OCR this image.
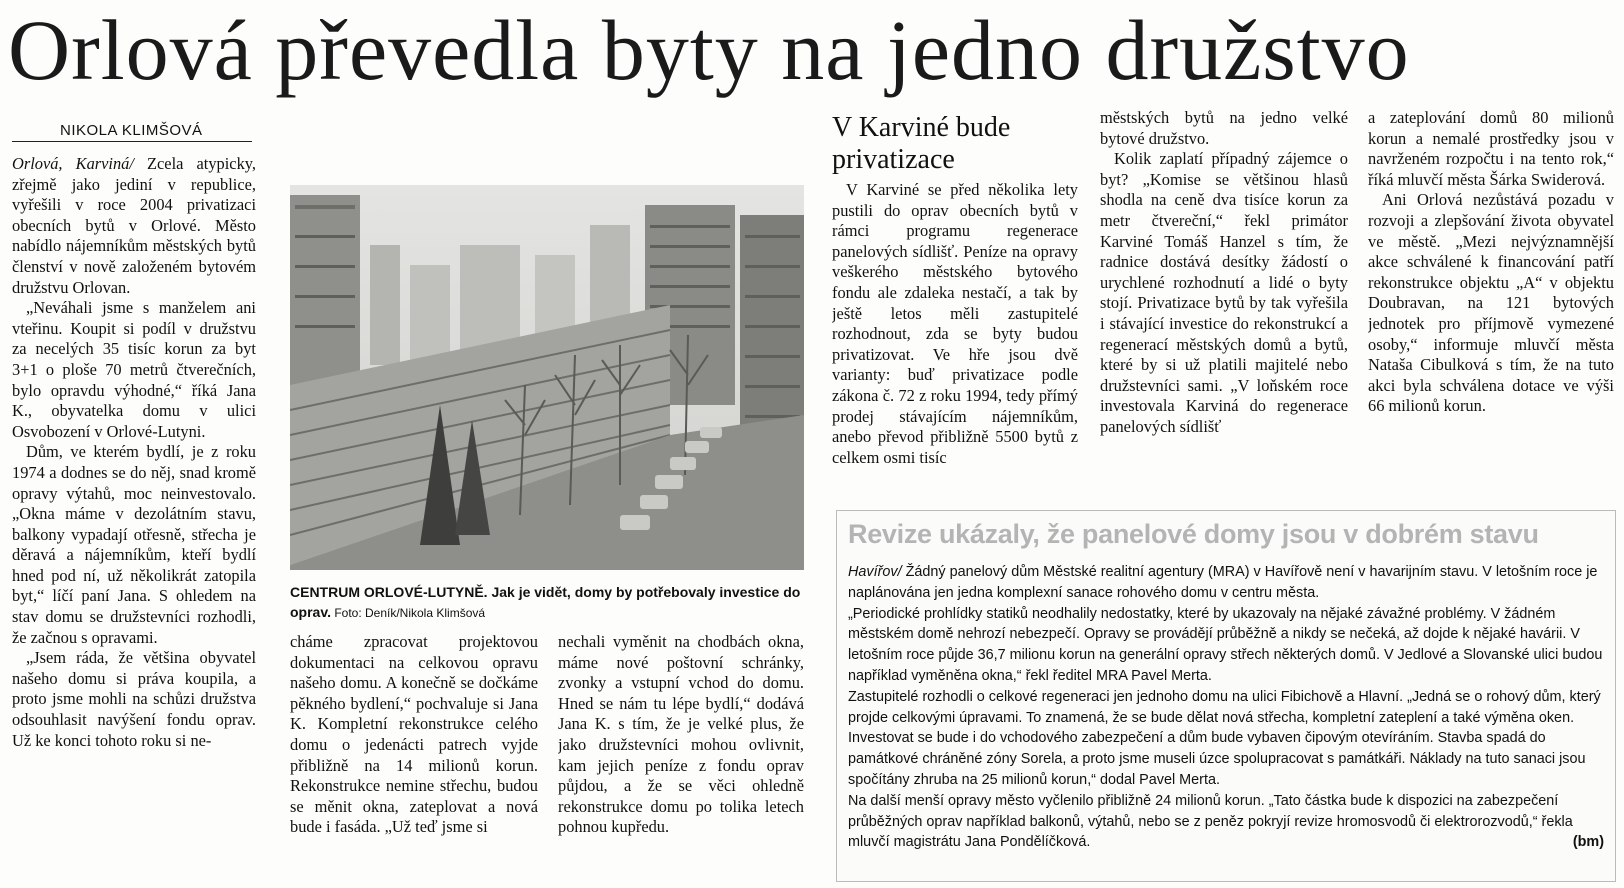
Orlová převedla byty na jedno družstvo
NIKOLA KLIMŠOVÁ

Orlová, Karviná/ Zcela atypicky, zřejmě jako jediní v republice, vyřešili v roce 2004 privatizaci obecních bytů v Orlové. Město nabídlo nájemníkům městských bytů členství v nově založeném bytovém družstvu Orlovan.

„Neváhali jsme s manželem ani vteřinu. Koupit si podíl v družstvu za necelých 35 tisíc korun za byt 3+1 o ploše 70 metrů čtverečních, bylo opravdu výhodné,“ říká Jana K., obyvatelka domu v ulici Osvobození v Orlové-Lutyni.

Dům, ve kterém bydlí, je z roku 1974 a dodnes se do něj, snad kromě opravy výtahů, moc neinvestovalo. „Okna máme v dezolátním stavu, balkony vypadají otřesně, střecha je děravá a nájemníkům, kteří bydlí hned pod ní, už několikrát zatopila byt,“ líčí paní Jana. S ohledem na stav domu se družstevníci rozhodli, že začnou s opravami.

„Jsem ráda, že většina obyvatel našeho domu si práva koupila, a proto jsme mohli na schůzi družstva odsouhlasit navýšení fondu oprav. Už ke konci tohoto roku si ne-

CENTRUM ORLOVÉ-LUTYNĚ. Jak je vidět, domy by potřebovaly investice do oprav. Foto: Deník/Nikola Klimšová

cháme zpracovat projektovou dokumentaci na celkovou opravu našeho domu. A konečně se dočkáme pěkného bydlení,“ pochvaluje si Jana K. Kompletní rekonstrukce celého domu o jedenácti patrech vyjde přibližně na 14 milionů korun. Rekonstrukce nemine střechu, budou se měnit okna, zateplovat a nová bude i fasáda. „Už teď jsme si

nechali vyměnit na chodbách okna, máme nové poštovní schránky, zvonky a vstupní vchod do domu. Hned se nám tu lépe bydlí,“ dodává Jana K. s tím, že je velké plus, že jako družstevníci mohou ovlivnit, kam jejich peníze z fondu oprav půjdou, a že se věci ohledně rekonstrukce domu po tolika letech pohnou kupředu.

V Karviné bude privatizace

V Karviné se před několika lety pustili do oprav obecních bytů v rámci programu regenerace panelových sídlišť. Peníze na opravy veškerého městského bytového fondu ale zdaleka nestačí, a tak by ještě letos měli zastupitelé rozhodnout, zda se byty budou privatizovat. Ve hře jsou dvě varianty: buď privatizace podle zákona č. 72 z roku 1994, tedy přímý prodej stávajícím nájemníkům, anebo převod přibližně 5500 bytů z celkem osmi tisíc

městských bytů na jedno velké bytové družstvo.

Kolik zaplatí případný zájemce o byt? „Komise se většinou hlasů shodla na ceně dva tisíce korun za metr čtvereční,“ řekl primátor Karviné Tomáš Hanzel s tím, že radnice dostává desítky žádostí o urychlené rozhodnutí a lidé o byty stojí. Privatizace bytů by tak vyřešila i stávající investice do rekonstrukcí a regenerací městských domů a bytů, které by si už platili majitelé nebo družstevníci sami. „V loňském roce investovala Karviná do regenerace panelových sídlišť

a zateplování domů 80 milionů korun a nemalé prostředky jsou v navrženém rozpočtu i na tento rok,“ říká mluvčí města Šárka Swiderová.

Ani Orlová nezůstává pozadu v rozvoji a zlepšování života obyvatel ve městě. „Mezi nejvýznamnější akce schválené k financování patří rekonstrukce objektu „A“ v objektu Doubravan, na 121 bytových jednotek pro příjmově vymezené osoby,“ informuje mluvčí města Nataša Cibulková s tím, že na tuto akci byla schválena dotace ve výši 66 milionů korun.

Revize ukázaly, že panelové domy jsou v dobrém stavu

Havířov/ Žádný panelový dům Městské realitní agentury (MRA) v Havířově není v havarijním stavu. V letošním roce je naplánována jen jedna komplexní sanace rohového domu v centru města.

„Periodické prohlídky statiků neodhalily nedostatky, které by ukazovaly na nějaké závažné problémy. V žádném městském domě nehrozí nebezpečí. Opravy se provádějí průběžně a nikdy se nečeká, až dojde k nějaké havárii. V letošním roce půjde 36,7 milionu korun na generální opravy střech některých domů. V Jedlové a Slovanské ulici budou například vyměněna okna,“ řekl ředitel MRA Pavel Merta.

Zastupitelé rozhodli o celkové regeneraci jen jednoho domu na ulici Fibichově a Hlavní. „Jedná se o rohový dům, který projde celkovými úpravami. To znamená, že se bude dělat nová střecha, kompletní zateplení a také výměna oken. Investovat se bude i do vchodového zabezpečení a dům bude vybaven čipovým otevíráním. Stavba spadá do památkové chráněné zóny Sorela, a proto jsme museli úzce spolupracovat s památkáři. Náklady na tuto sanaci jsou spočítány zhruba na 25 milionů korun,“ dodal Pavel Merta.

Na další menší opravy město vyčlenilo přibližně 24 milionů korun. „Tato částka bude k dispozici na zabezpečení průběžných oprav například balkonů, výtahů, nebo se z peněz pokryjí revize hromosvodů či elektrorozvodů,“ řekla mluvčí magistrátu Jana Pondělíčková.	(bm)
